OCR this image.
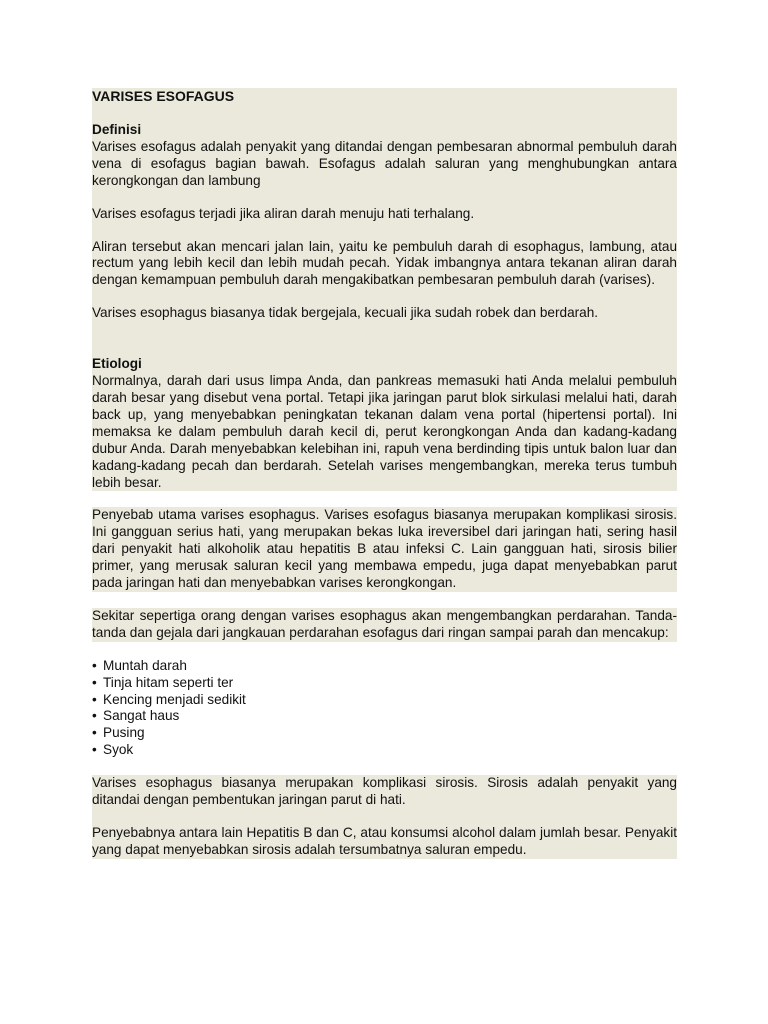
VARISES ESOFAGUS
Definisi
Varises esofagus adalah penyakit yang ditandai dengan pembesaran abnormal pembuluh darah vena di esofagus bagian bawah. Esofagus adalah saluran yang menghubungkan antara kerongkongan dan lambung
Varises esofagus terjadi jika aliran darah menuju hati terhalang.
Aliran tersebut akan mencari jalan lain, yaitu ke pembuluh darah di esophagus, lambung, atau rectum yang lebih kecil dan lebih mudah pecah. Yidak imbangnya antara tekanan aliran darah dengan kemampuan pembuluh darah mengakibatkan pembesaran pembuluh darah (varises).
Varises esophagus biasanya tidak bergejala, kecuali jika sudah robek dan berdarah.
Etiologi
Normalnya, darah dari usus limpa Anda, dan pankreas memasuki hati Anda melalui pembuluh darah besar yang disebut vena portal. Tetapi jika jaringan parut blok sirkulasi melalui hati, darah back up, yang menyebabkan peningkatan tekanan dalam vena portal (hipertensi portal). Ini memaksa ke dalam pembuluh darah kecil di, perut kerongkongan Anda dan kadang-kadang dubur Anda. Darah menyebabkan kelebihan ini, rapuh vena berdinding tipis untuk balon luar dan kadang-kadang pecah dan berdarah. Setelah varises mengembangkan, mereka terus tumbuh lebih besar.
Penyebab utama varises esophagus. Varises esofagus biasanya merupakan komplikasi sirosis. Ini gangguan serius hati, yang merupakan bekas luka ireversibel dari jaringan hati, sering hasil dari penyakit hati alkoholik atau hepatitis B atau infeksi C. Lain gangguan hati, sirosis bilier primer, yang merusak saluran kecil yang membawa empedu, juga dapat menyebabkan parut pada jaringan hati dan menyebabkan varises kerongkongan.
Sekitar sepertiga orang dengan varises esophagus akan mengembangkan perdarahan. Tanda-tanda dan gejala dari jangkauan perdarahan esofagus dari ringan sampai parah dan mencakup:
• Muntah darah
• Tinja hitam seperti ter
• Kencing menjadi sedikit
• Sangat haus
• Pusing
• Syok
Varises esophagus biasanya merupakan komplikasi sirosis. Sirosis adalah penyakit yang ditandai dengan pembentukan jaringan parut di hati.
Penyebabnya antara lain Hepatitis B dan C, atau konsumsi alcohol dalam jumlah besar. Penyakit yang dapat menyebabkan sirosis adalah tersumbatnya saluran empedu.
